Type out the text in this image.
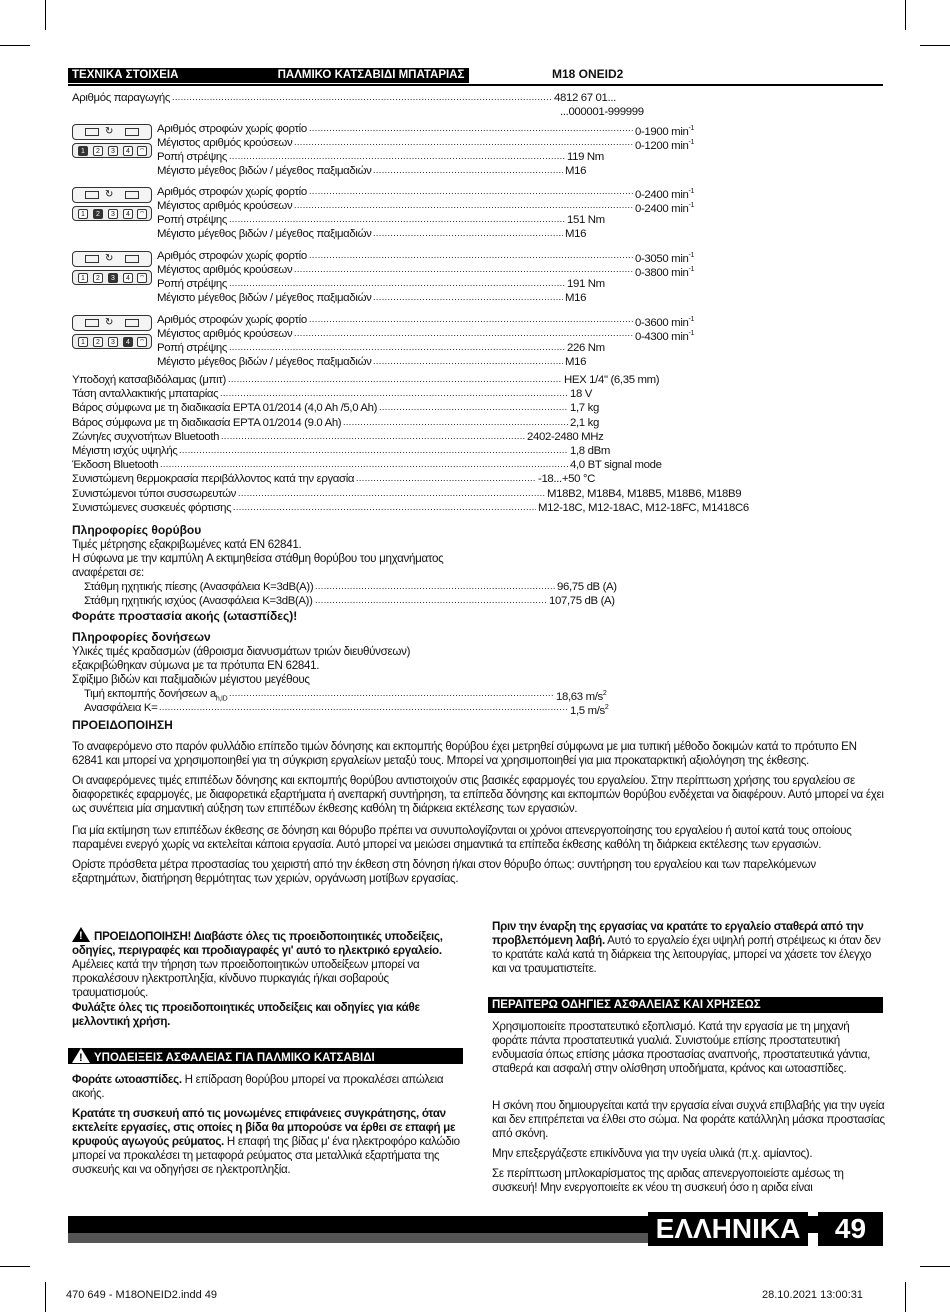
ΤΕΧΝΙΚΑ ΣΤΟΙΧΕΙΑ	ΠΑΛΜΙΚΟ ΚΑΤΣΑΒΙΔΙ ΜΠΑΤΑΡΙΑΣ	M18 ONEID2
Αριθμός παραγωγής .....	4812 67 01...
...000001-999999
↻
1	2	3	4	⌔
Αριθμός στροφών χωρίς φορτίο .....	0-1900 $\min^{-1}$
Μέγιστος αριθμός κρούσεων .....	0-1200 $\min^{-1}$
Ροπή στρέψης .....	119 Nm
Μέγιστο μέγεθος βιδών / μέγεθος παξιμαδιών .....	M16
↻
1	2	3	4	⌔
Αριθμός στροφών χωρίς φορτίο .....	0-2400 $\min^{-1}$
Μέγιστος αριθμός κρούσεων .....	0-2400 $\min^{-1}$
Ροπή στρέψης .....	151 Nm
Μέγιστο μέγεθος βιδών / μέγεθος παξιμαδιών .....	M16
↻
1	2	3	4	⌔
Αριθμός στροφών χωρίς φορτίο .....	0-3050 $\min^{-1}$
Μέγιστος αριθμός κρούσεων .....	0-3800 $\min^{-1}$
Ροπή στρέψης .....	191 Nm
Μέγιστο μέγεθος βιδών / μέγεθος παξιμαδιών .....	M16
↻
1	2	3	4	⌔
Αριθμός στροφών χωρίς φορτίο .....	0-3600 $\min^{-1}$
Μέγιστος αριθμός κρούσεων .....	0-4300 $\min^{-1}$
Ροπή στρέψης .....	226 Nm
Μέγιστο μέγεθος βιδών / μέγεθος παξιμαδιών .....	M16
Υποδοχή κατσαβιδόλαμας (μπιτ) .....	HEX 1/4" (6,35 mm)
Τάση ανταλλακτικής μπαταρίας .....	18 V
Βάρος σύμφωνα με τη διαδικασία EPTA 01/2014 (4,0 Ah /5,0 Ah) .....	1,7 kg
Βάρος σύμφωνα με τη διαδικασία EPTA 01/2014 (9.0 Ah) .....	2,1 kg
Ζώνη/ες συχνοτήτων Bluetooth .....	2402-2480 MHz
Μέγιστη ισχύς υψηλής .....	1,8 dBm
Έκδοση Bluetooth .....	4,0 BT signal mode
Συνιστώμενη θερμοκρασία περιβάλλοντος κατά την εργασία .....	-18...+50 °C
Συνιστώμενοι τύποι συσσωρευτών .....	M18B2, M18B4, M18B5, M18B6, M18B9
Συνιστώμενες συσκευές φόρτισης .....	M12-18C, M12-18AC, M12-18FC, M1418C6
Πληροφορίες θορύβου
Τιμές μέτρησης εξακριβωμένες κατά EN 62841.
Η σύφωνα με την καμπύλη A εκτιμηθείσα στάθμη θορύβου του μηχανήματος
αναφέρεται σε:
Στάθμη ηχητικής πίεσης (Ανασφάλεια K=3dB(A)) .....	96,75 dB (A)
Στάθμη ηχητικής ισχύος (Ανασφάλεια K=3dB(A)) .....	107,75 dB (A)
Φοράτε προστασία ακοής (ωτασπίδες)!
Πληροφορίες δονήσεων
Υλικές τιμές κραδασμών (άθροισμα διανυσμάτων τριών διευθύνσεων)
εξακριβώθηκαν σύμωνα με τα πρότυπα EN 62841.
Σφίξιμο βιδών και παξιμαδιών μέγιστου μεγέθους
Τιμή εκπομπής δονήσεων $a_{h,ID}$ .....	18,63 $m/s^2$
Ανασφάλεια K= .....	1,5 $m/s^2$
ΠΡΟΕΙΔΟΠΟΙΗΣΗ
Το αναφερόμενο στο παρόν φυλλάδιο επίπεδο τιμών δόνησης και εκπομπής θορύβου έχει μετρηθεί σύμφωνα με μια τυπική μέθοδο δοκιμών κατά το πρότυπο EN 62841 και μπορεί να χρησιμοποιηθεί για τη σύγκριση εργαλείων μεταξύ τους. Μπορεί να χρησιμοποιηθεί για μια προκαταρκτική αξιολόγηση της έκθεσης.
Οι αναφερόμενες τιμές επιπέδων δόνησης και εκπομπής θορύβου αντιστοιχούν στις βασικές εφαρμογές του εργαλείου. Στην περίπτωση χρήσης του εργαλείου σε διαφορετικές εφαρμογές, με διαφορετικά εξαρτήματα ή ανεπαρκή συντήρηση, τα επίπεδα δόνησης και εκπομπών θορύβου ενδέχεται να διαφέρουν. Αυτό μπορεί να έχει ως συνέπεια μία σημαντική αύξηση των επιπέδων έκθεσης καθόλη τη διάρκεια εκτέλεσης των εργασιών.
Για μία εκτίμηση των επιπέδων έκθεσης σε δόνηση και θόρυβο πρέπει να συνυπολογίζονται οι χρόνοι απενεργοποίησης του εργαλείου ή αυτοί κατά τους οποίους παραμένει ενεργό χωρίς να εκτελείται κάποια εργασία. Αυτό μπορεί να μειώσει σημαντικά τα επίπεδα έκθεσης καθόλη τη διάρκεια εκτέλεσης των εργασιών.
Ορίστε πρόσθετα μέτρα προστασίας του χειριστή από την έκθεση στη δόνηση ή/και στον θόρυβο όπως: συντήρηση του εργαλείου και των παρελκόμενων εξαρτημάτων, διατήρηση θερμότητας των χεριών, οργάνωση μοτίβων εργασίας.
! ΠΡΟΕΙΔΟΠΟΙΗΣΗ! Διαβάστε όλες τις προειδοποιητικές υποδείξεις, οδηγίες, περιγραφές και προδιαγραφές γι' αυτό το ηλεκτρικό εργαλείο. Αμέλειες κατά την τήρηση των προειδοποιητικών υποδείξεων μπορεί να προκαλέσουν ηλεκτροπληξία, κίνδυνο πυρκαγιάς ή/και σοβαρούς τραυματισμούς.
Φυλάξτε όλες τις προειδοποιητικές υποδείξεις και οδηγίες για κάθε μελλοντική χρήση.
! ΥΠΟΔΕΙΞΕΙΣ ΑΣΦΑΛΕΙΑΣ ΓΙΑ ΠΑΛΜΙΚΟ ΚΑΤΣΑΒΙΔΙ
Φοράτε ωτοασπίδες. Η επίδραση θορύβου μπορεί να προκαλέσει απώλεια ακοής.
Κρατάτε τη συσκευή από τις μονωμένες επιφάνειες συγκράτησης, όταν εκτελείτε εργασίες, στις οποίες η βίδα θα μπορούσε να έρθει σε επαφή με κρυφούς αγωγούς ρεύματος. Η επαφή της βίδας μ' ένα ηλεκτροφόρο καλώδιο μπορεί να προκαλέσει τη μεταφορά ρεύματος στα μεταλλικά εξαρτήματα της συσκευής και να οδηγήσει σε ηλεκτροπληξία.
Πριν την έναρξη της εργασίας να κρατάτε το εργαλείο σταθερά από την προβλεπόμενη λαβή. Αυτό το εργαλείο έχει υψηλή ροπή στρέψεως κι όταν δεν το κρατάτε καλά κατά τη διάρκεια της λειτουργίας, μπορεί να χάσετε τον έλεγχο και να τραυματιστείτε.
ΠΕΡΑΙΤΕΡΩ ΟΔΗΓΙΕΣ ΑΣΦΑΛΕΙΑΣ ΚΑΙ ΧΡΗΣΕΩΣ
Χρησιμοποιείτε προστατευτικό εξοπλισμό. Κατά την εργασία με τη μηχανή φοράτε πάντα προστατευτικά γυαλιά. Συνιστούμε επίσης προστατευτική ενδυμασία όπως επίσης μάσκα προστασίας αναπνοής, προστατευτικά γάντια, σταθερά και ασφαλή στην ολίσθηση υποδήματα, κράνος και ωτοασπίδες.
Η σκόνη που δημιουργείται κατά την εργασία είναι συχνά επιβλαβής για την υγεία και δεν επιτρέπεται να έλθει στο σώμα. Να φοράτε κατάλληλη μάσκα προστασίας από σκόνη.
Μην επεξεργάζεστε επικίνδυνα για την υγεία υλικά (π.χ. αμίαντος).
Σε περίπτωση μπλοκαρίσματος της αριδας απενεργοποιείστε αμέσως τη συσκευή! Μην ενεργοποιείτε εκ νέου τη συσκευή όσο η αριδα είναι
ΕΛΛΗΝΙΚΑ	49
470 649 - M18ONEID2.indd 49	28.10.2021 13:00:31
